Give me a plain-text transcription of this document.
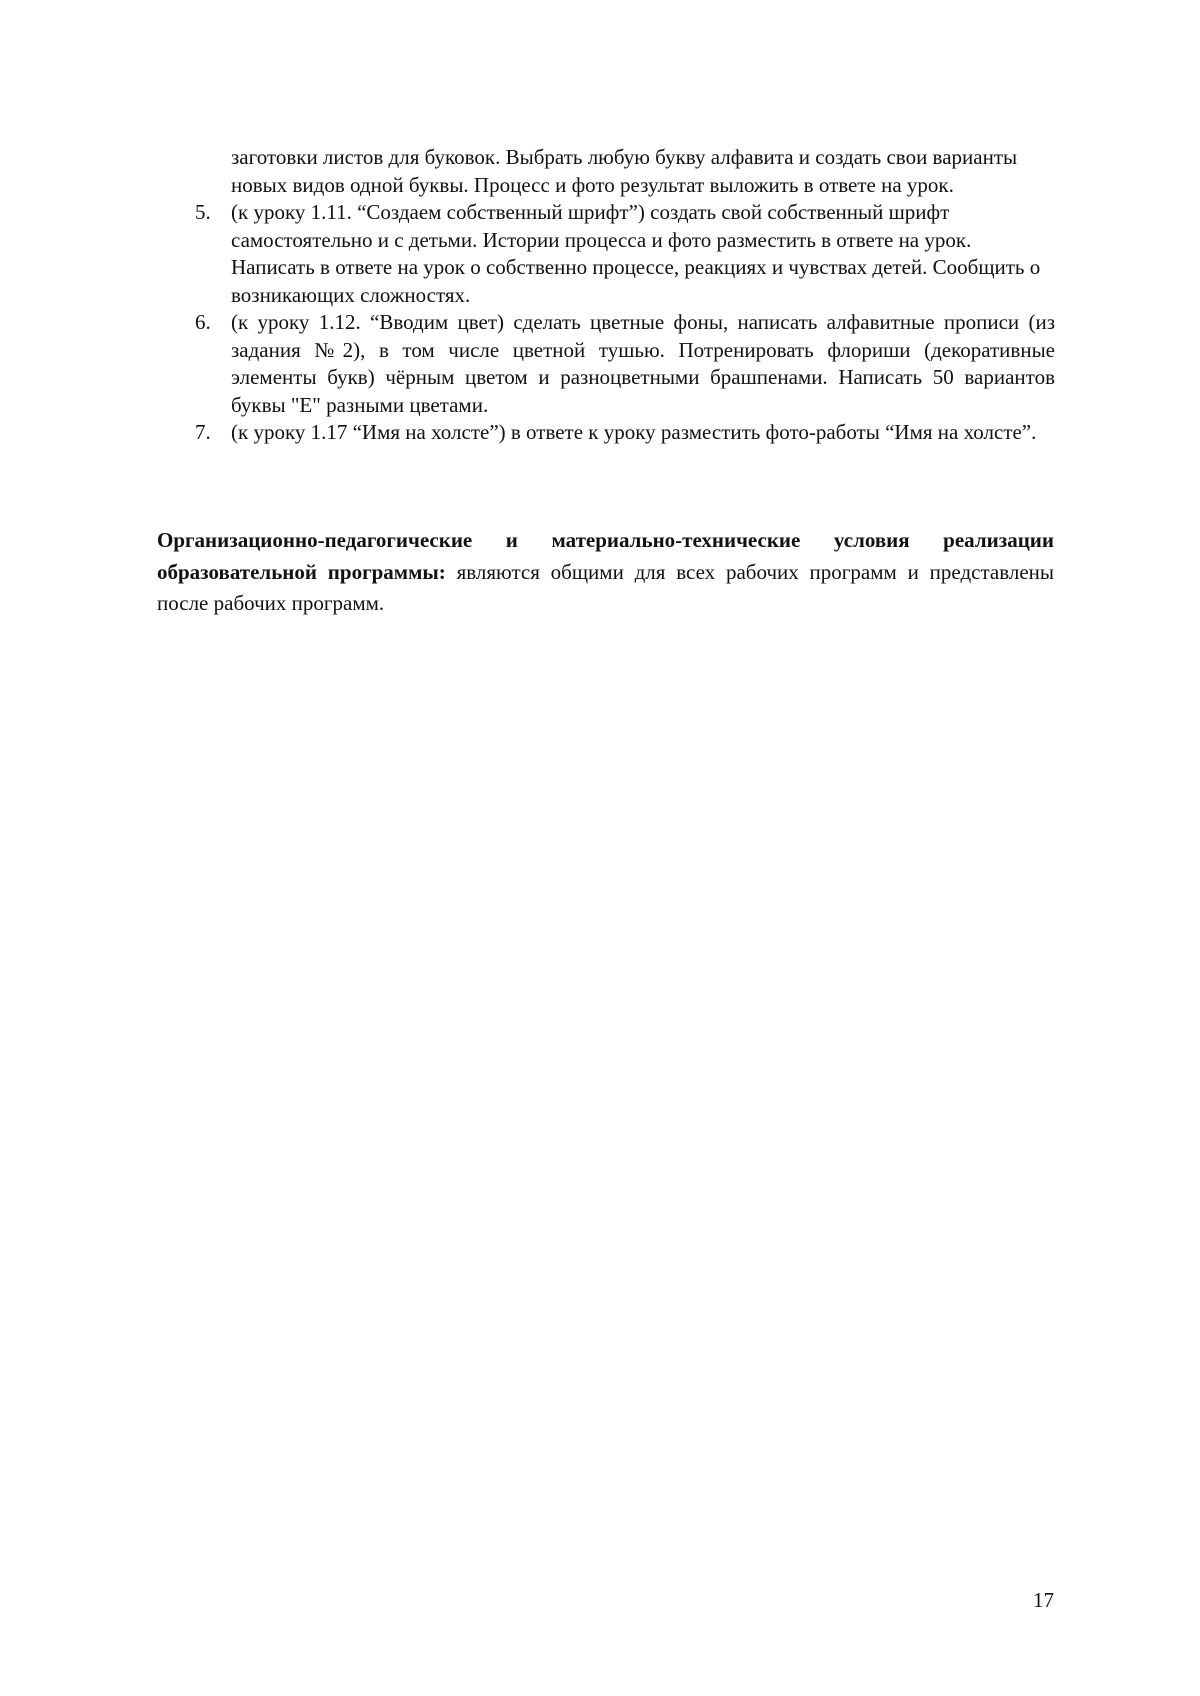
заготовки листов для буковок. Выбрать любую букву алфавита и создать свои варианты новых видов одной буквы. Процесс и фото результат выложить в ответе на урок.
5. (к уроку 1.11. “Создаем собственный шрифт”) создать свой собственный шрифт самостоятельно и с детьми. Истории процесса и фото разместить в ответе на урок. Написать в ответе на урок о собственно процессе, реакциях и чувствах детей. Сообщить о возникающих сложностях.
6. (к уроку 1.12. “Вводим цвет) сделать цветные фоны, написать алфавитные прописи (из задания №2), в том числе цветной тушью. Потренировать флориши (декоративные элементы букв) чёрным цветом и разноцветными брашпенами. Написать 50 вариантов буквы "Е" разными цветами.
7. (к уроку 1.17 “Имя на холсте”) в ответе к уроку разместить фото-работы “Имя на холсте”.

Организационно-педагогические и материально-технические условия реализации образовательной программы: являются общими для всех рабочих программ и представлены после рабочих программ.

17
